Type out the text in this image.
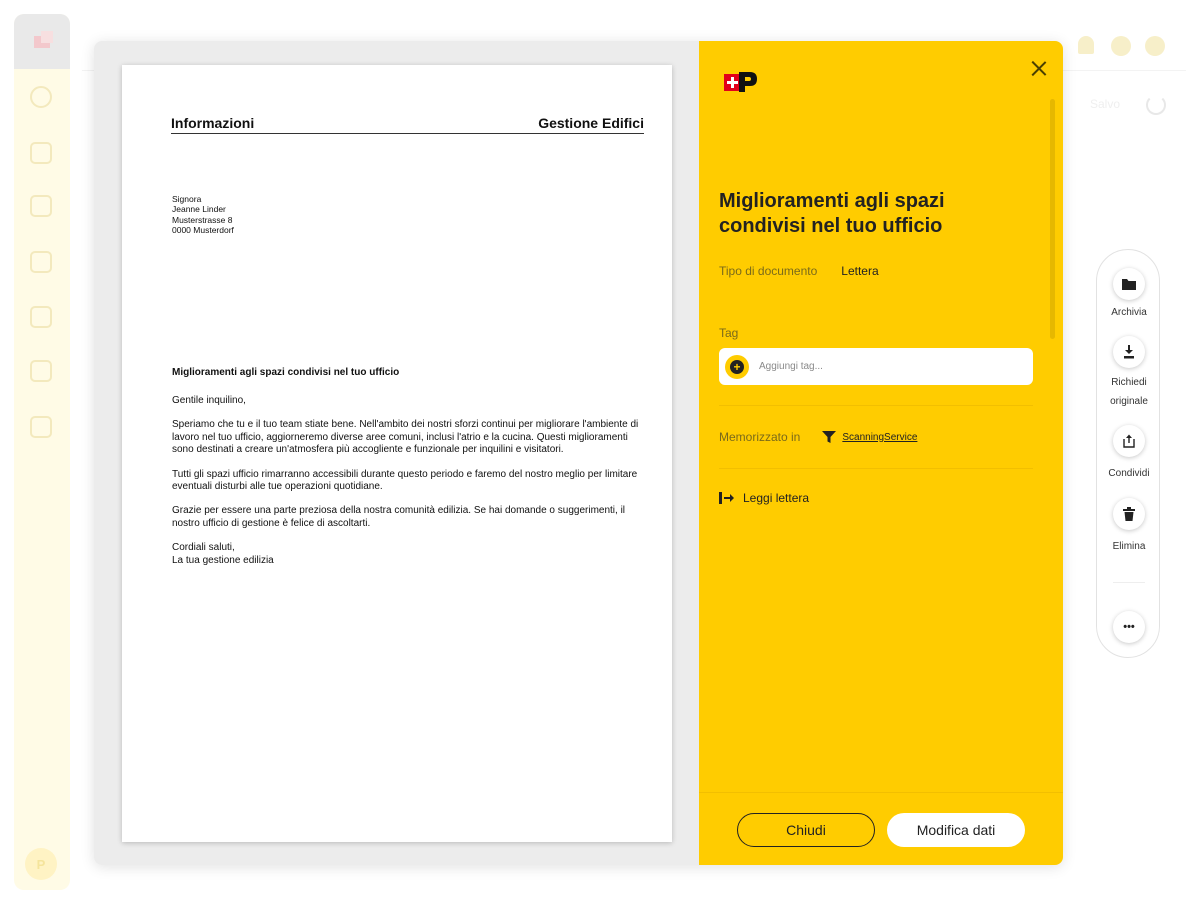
P
Salvo
Informazioni	Gestione Edifici
Signora
Jeanne Linder
Musterstrasse 8
0000 Musterdorf
Miglioramenti agli spazi condivisi nel tuo ufficio

Gentile inquilino,

Speriamo che tu e il tuo team stiate bene. Nell'ambito dei nostri sforzi continui per migliorare l'ambiente di lavoro nel tuo ufficio, aggiorneremo diverse aree comuni, inclusi l'atrio e la cucina. Questi miglioramenti sono destinati a creare un'atmosfera più accogliente e funzionale per inquilini e visitatori.

Tutti gli spazi ufficio rimarranno accessibili durante questo periodo e faremo del nostro meglio per limitare eventuali disturbi alle tue operazioni quotidiane.

Grazie per essere una parte preziosa della nostra comunità edilizia. Se hai domande o suggerimenti, il nostro ufficio di gestione è felice di ascoltarti.

Cordiali saluti,

La tua gestione edilizia

Miglioramenti agli spazi condivisi nel tuo ufficio
Tipo di documento Lettera
Tag
+	Aggiungi tag...
Memorizzato in	ScanningService
Leggi lettera
Chiudi	Modifica dati
Archivia
Richiedi
originale
Condividi
Elimina
•••
